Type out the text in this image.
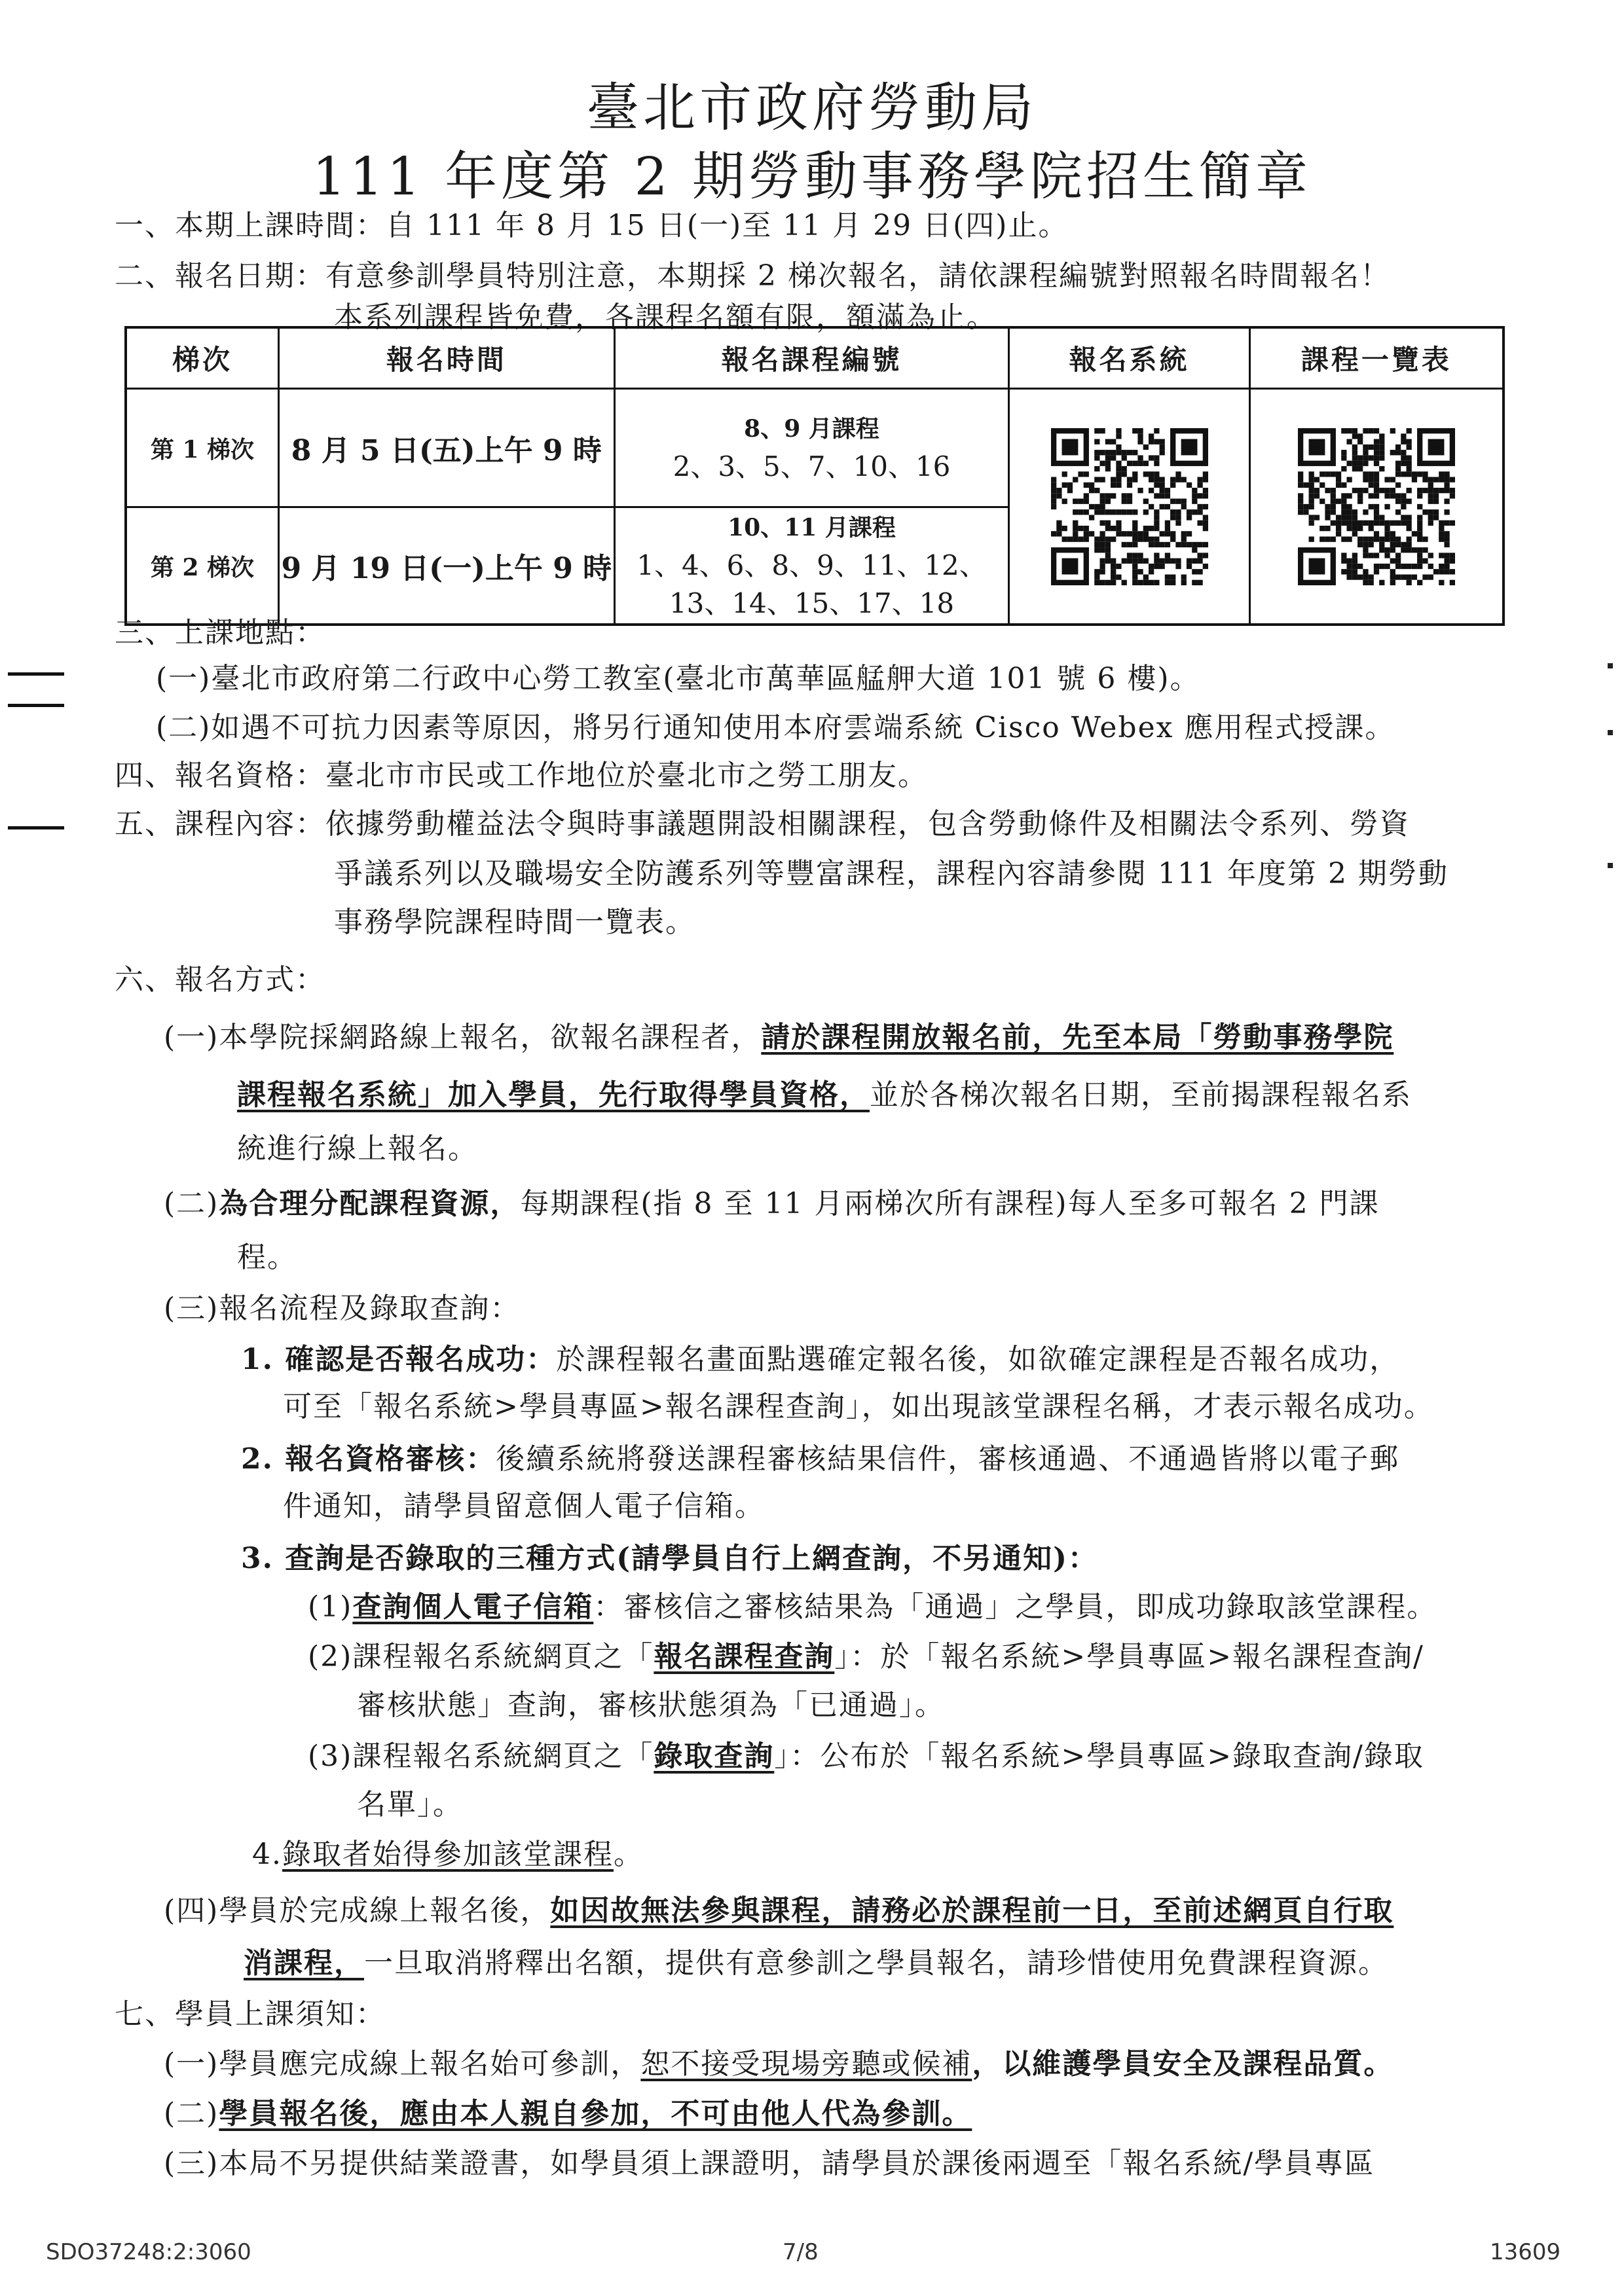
臺北市政府勞動局
111 年度第 2 期勞動事務學院招生簡章
一、本期上課時間：自 111 年 8 月 15 日(一)至 11 月 29 日(四)止。
二、報名日期：有意參訓學員特別注意，本期採 2 梯次報名，請依課程編號對照報名時間報名！
本系列課程皆免費，各課程名額有限，額滿為止。
梯次	報名時間	報名課程編號	報名系統	課程一覽表
第 1 梯次	8 月 5 日(五)上午 9 時	8、9 月課程
2、3、5、7、10、16

第 2 梯次	9 月 19 日(一)上午 9 時	10、11 月課程
1、4、6、8、9、11、12、
13、14、15、17、18		
三、上課地點：
(一)臺北市政府第二行政中心勞工教室(臺北市萬華區艋舺大道 101 號 6 樓)。
(二)如遇不可抗力因素等原因，將另行通知使用本府雲端系統 Cisco Webex 應用程式授課。
四、報名資格：臺北市市民或工作地位於臺北市之勞工朋友。
五、課程內容：依據勞動權益法令與時事議題開設相關課程，包含勞動條件及相關法令系列、勞資
爭議系列以及職場安全防護系列等豐富課程，課程內容請參閱 111 年度第 2 期勞動
事務學院課程時間一覽表。
六、報名方式：
(一)本學院採網路線上報名，欲報名課程者，請於課程開放報名前，先至本局「勞動事務學院
課程報名系統」加入學員，先行取得學員資格，並於各梯次報名日期，至前揭課程報名系
統進行線上報名。
(二)為合理分配課程資源，每期課程(指 8 至 11 月兩梯次所有課程)每人至多可報名 2 門課
程。
(三)報名流程及錄取查詢：
1. 確認是否報名成功：於課程報名畫面點選確定報名後，如欲確定課程是否報名成功，
可至「報名系統>學員專區>報名課程查詢」，如出現該堂課程名稱，才表示報名成功。
2. 報名資格審核：後續系統將發送課程審核結果信件，審核通過、不通過皆將以電子郵
件通知，請學員留意個人電子信箱。
3. 查詢是否錄取的三種方式(請學員自行上網查詢，不另通知)：
(1)查詢個人電子信箱：審核信之審核結果為「通過」之學員，即成功錄取該堂課程。
(2)課程報名系統網頁之「報名課程查詢」：於「報名系統>學員專區>報名課程查詢/
審核狀態」查詢，審核狀態須為「已通過」。
(3)課程報名系統網頁之「錄取查詢」：公布於「報名系統>學員專區>錄取查詢/錄取
名單」。
4.錄取者始得參加該堂課程。
(四)學員於完成線上報名後，如因故無法參與課程，請務必於課程前一日，至前述網頁自行取
消課程，一旦取消將釋出名額，提供有意參訓之學員報名，請珍惜使用免費課程資源。
七、學員上課須知：
(一)學員應完成線上報名始可參訓，恕不接受現場旁聽或候補，以維護學員安全及課程品質。
(二)學員報名後，應由本人親自參加，不可由他人代為參訓。
(三)本局不另提供結業證書，如學員須上課證明，請學員於課後兩週至「報名系統/學員專區
SDO37248:2:3060	7/8	13609
